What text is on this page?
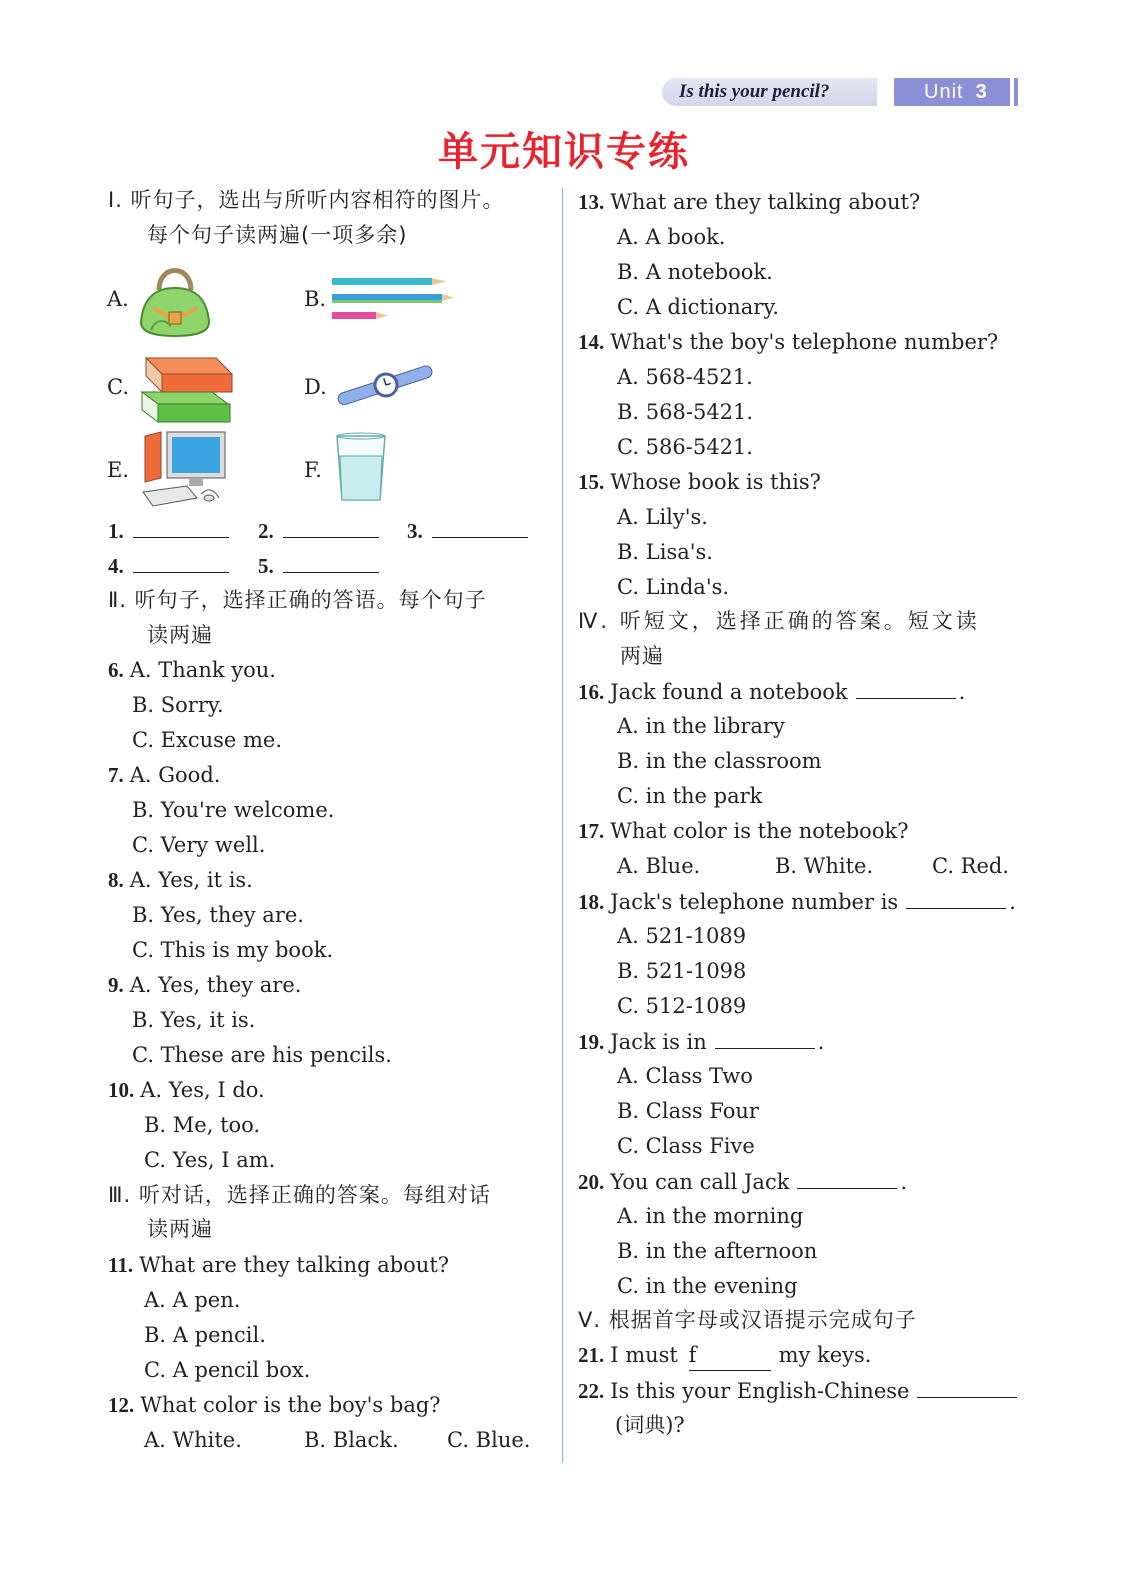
Is this your pencil?	Unit 3
单元知识专练
Ⅰ. 听句子，选出与所听内容相符的图片。
每个句子读两遍(一项多余)
A.	B.
C.	D.
E.	F.
1.	2.	3.
4.	5.
Ⅱ. 听句子，选择正确的答语。每个句子
读两遍
6. A. Thank you.
B. Sorry.
C. Excuse me.
7. A. Good.
B. You're welcome.
C. Very well.
8. A. Yes, it is.
B. Yes, they are.
C. This is my book.
9. A. Yes, they are.
B. Yes, it is.
C. These are his pencils.
10. A. Yes, I do.
B. Me, too.
C. Yes, I am.
Ⅲ. 听对话，选择正确的答案。每组对话
读两遍
11. What are they talking about?
A. A pen.
B. A pencil.
C. A pencil box.
12. What color is the boy's bag?
A. White.	B. Black. C. Blue.
13. What are they talking about?
A. A book.
B. A notebook.
C. A dictionary.
14. What's the boy's telephone number?
A. 568-4521.
B. 568-5421.
C. 586-5421.
15. Whose book is this?
A. Lily's.
B. Lisa's.
C. Linda's.
Ⅳ. 听短文，选择正确的答案。短文读
两遍
16. Jack found a notebook	.
A. in the library
B. in the classroom
C. in the park
17. What color is the notebook?
A. Blue.	B. White.	C. Red.
18. Jack's telephone number is	.
A. 521-1089
B. 521-1098
C. 512-1089
19. Jack is in	.
A. Class Two
B. Class Four
C. Class Five
20. You can call Jack	.
A. in the morning
B. in the afternoon
C. in the evening
Ⅴ. 根据首字母或汉语提示完成句子
21. I must f	my keys.
22. Is this your English-Chinese
(词典)?
